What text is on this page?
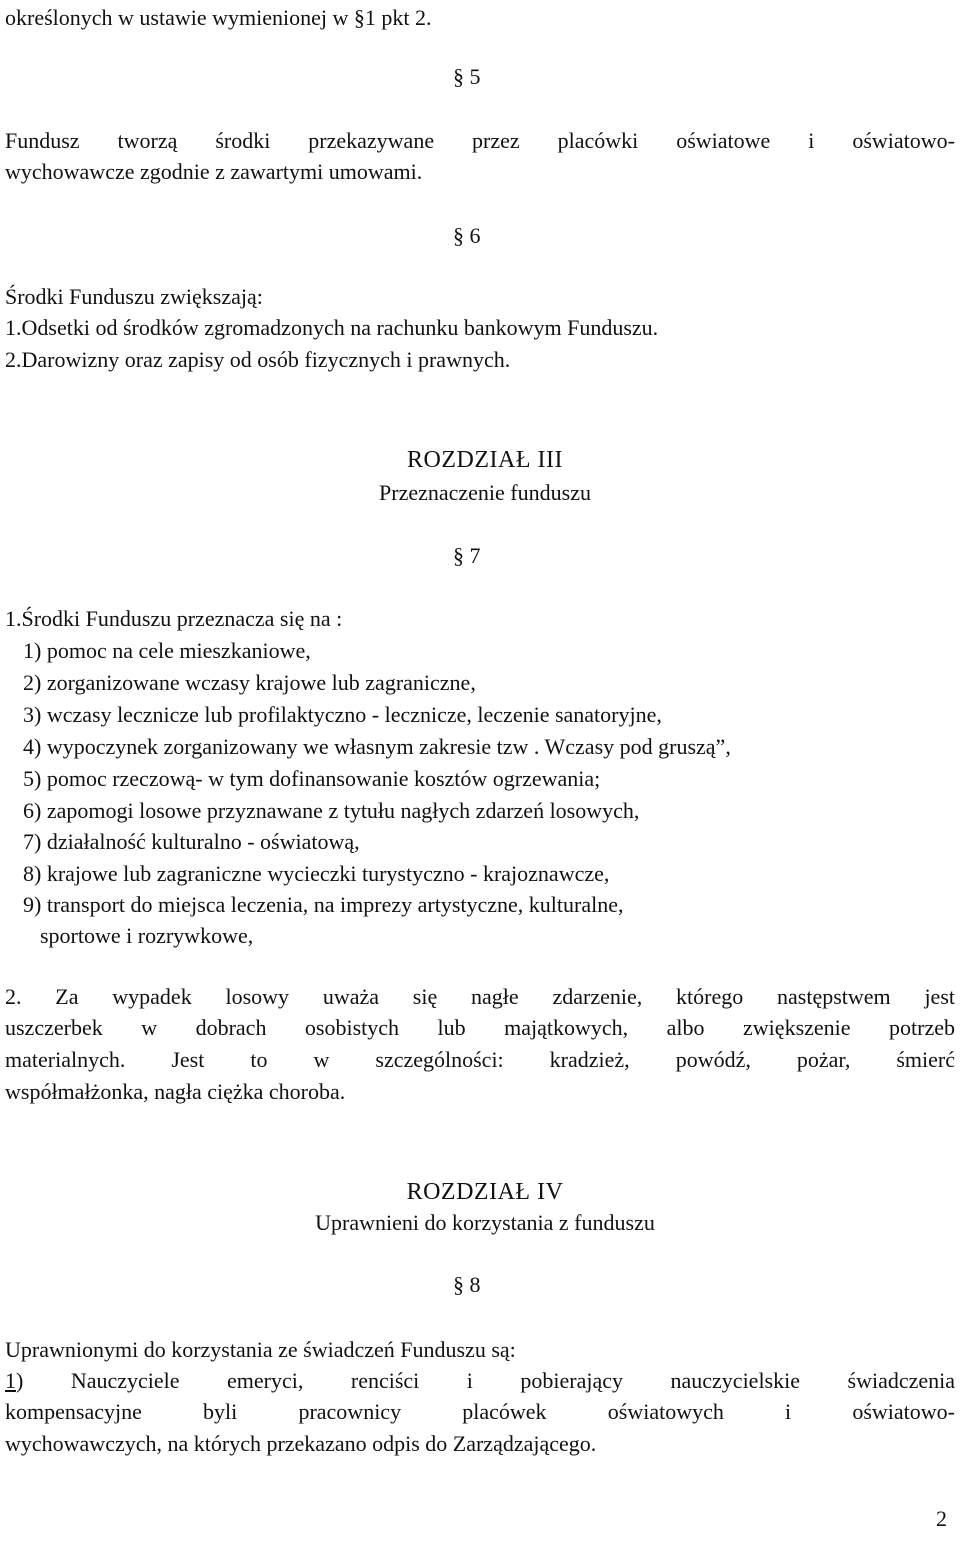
określonych w ustawie wymienionej w §1 pkt 2.
§ 5
Fundusz tworzą środki przekazywane przez placówki oświatowe i oświatowo-
wychowawcze zgodnie z zawartymi umowami.
§ 6
Środki Funduszu zwiększają:
1.Odsetki od środków zgromadzonych na rachunku bankowym Funduszu.
2.Darowizny oraz zapisy od osób fizycznych i prawnych.
ROZDZIAŁ III
Przeznaczenie funduszu
§ 7
1.Środki Funduszu przeznacza się na :
1) pomoc na cele mieszkaniowe,
2) zorganizowane wczasy krajowe lub zagraniczne,
3) wczasy lecznicze lub profilaktyczno - lecznicze, leczenie sanatoryjne,
4) wypoczynek zorganizowany we własnym zakresie tzw . Wczasy pod gruszą”,
5) pomoc rzeczową- w tym dofinansowanie kosztów ogrzewania;
6) zapomogi losowe przyznawane z tytułu nagłych zdarzeń losowych,
7) działalność kulturalno - oświatową,
8) krajowe lub zagraniczne wycieczki turystyczno - krajoznawcze,
9) transport do miejsca leczenia, na imprezy artystyczne, kulturalne,
sportowe i rozrywkowe,
2. Za wypadek losowy uważa się nagłe zdarzenie, którego następstwem jest
uszczerbek w dobrach osobistych lub majątkowych, albo zwiększenie potrzeb
materialnych. Jest to w szczególności: kradzież, powódź, pożar, śmierć
współmałżonka, nagła ciężka choroba.
ROZDZIAŁ IV
Uprawnieni do korzystania z funduszu
§ 8
Uprawnionymi do korzystania ze świadczeń Funduszu są:
1) Nauczyciele emeryci, renciści i pobierający nauczycielskie świadczenia
kompensacyjne byli pracownicy placówek oświatowych i oświatowo-
wychowawczych, na których przekazano odpis do Zarządzającego.
2
